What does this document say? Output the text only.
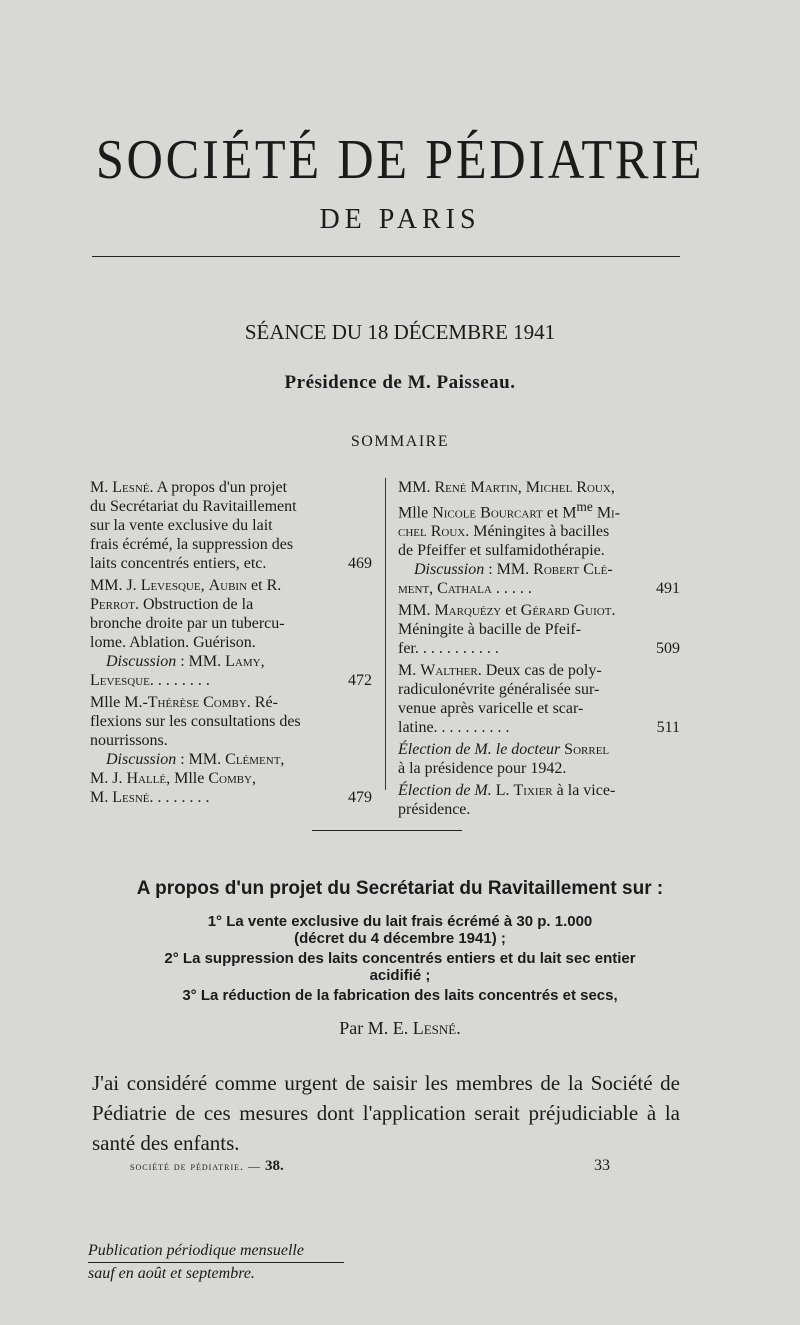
SOCIÉTÉ DE PÉDIATRIE
DE PARIS
SÉANCE DU 18 DÉCEMBRE 1941
Présidence de M. Paisseau.
SOMMAIRE
M. Lesné. A propos d'un projet
du Secrétariat du Ravitaillement
sur la vente exclusive du lait
frais écrémé, la suppression des
laits concentrés entiers, etc.	469
MM. J. Levesque, Aubin et R.
Perrot. Obstruction de la
bronche droite par un tubercu-
lome. Ablation. Guérison.
Discussion : MM. Lamy,
Levesque. . . . . . . .	472
Mlle M.-Thérèse Comby. Ré-
flexions sur les consultations des
nourrissons.
Discussion : MM. Clément,
M. J. Hallé, Mlle Comby,
M. Lesné. . . . . . . .	479
MM. René Martin, Michel Roux,
Mlle Nicole Bourcart et $M^{me}$ Mi-
chel Roux. Méningites à bacilles
de Pfeiffer et sulfamidothérapie.
Discussion : MM. Robert Clé-
ment, Cathala . . . . .	491
MM. Marquézy et Gérard Guiot.
Méningite à bacille de Pfeif-
fer. . . . . . . . . . .	509
M. Walther. Deux cas de poly-
radiculonévrite généralisée sur-
venue après varicelle et scar-
latine. . . . . . . . . .	511
Élection de M. le docteur Sorrel
à la présidence pour 1942.
Élection de M. L. Tixier à la vice-
présidence.
A propos d'un projet du Secrétariat du Ravitaillement sur :
1° La vente exclusive du lait frais écrémé à 30 p. 1.000
(décret du 4 décembre 1941) ;
2° La suppression des laits concentrés entiers et du lait sec entier
acidifié ;
3° La réduction de la fabrication des laits concentrés et secs,
Par M. E. Lesné.
J'ai considéré comme urgent de saisir les membres de la Société de Pédiatrie de ces mesures dont l'application serait préjudiciable à la santé des enfants.
société de pédiatrie. — 38.	33
Publication périodique mensuelle
sauf en août et septembre.
